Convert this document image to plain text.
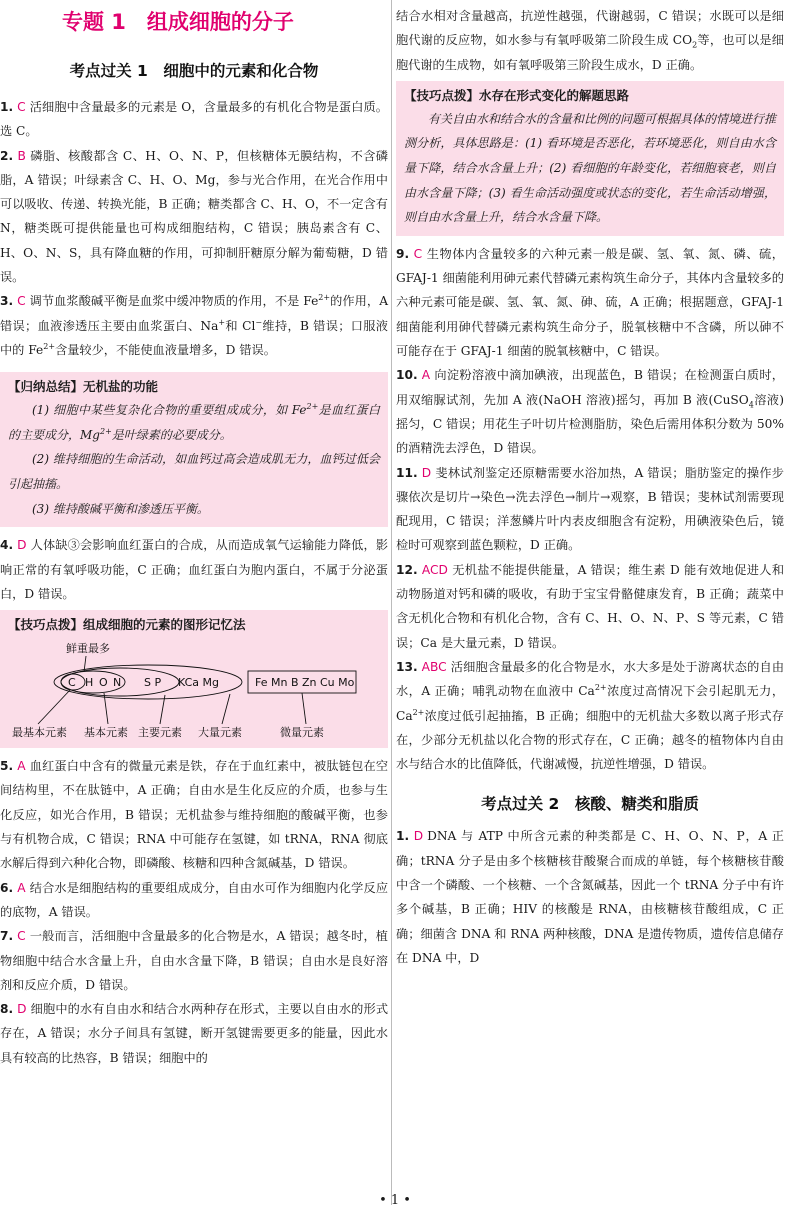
专题 1　组成细胞的分子
考点过关 1　细胞中的元素和化合物

1. C 活细胞中含量最多的元素是 O，含量最多的有机化合物是蛋白质。选 C。

2. B 磷脂、核酸都含 C、H、O、N、P，但核糖体无膜结构，不含磷脂，A 错误；叶绿素含 C、H、O、Mg，参与光合作用，在光合作用中可以吸收、传递、转换光能，B 正确；糖类都含 C、H、O，不一定含有 N，糖类既可提供能量也可构成细胞结构，C 错误；胰岛素含有 C、H、O、N、S，具有降血糖的作用，可抑制肝糖原分解为葡萄糖，D 错误。

3. C 调节血浆酸碱平衡是血浆中缓冲物质的作用，不是 $Fe^{2+}$的作用，A 错误；血液渗透压主要由血浆蛋白、Na+和 Cl−维持，B 错误；口服液中的 $Fe^{2+}$含量较少，不能使血液量增多，D 错误。

【归纳总结】无机盐的功能

(1) 细胞中某些复杂化合物的重要组成成分，如 $Fe^{2+}$是血红蛋白的主要成分，$Mg^{2+}$是叶绿素的必要成分。

(2) 维持细胞的生命活动，如血钙过高会造成肌无力，血钙过低会引起抽搐。

(3) 维持酸碱平衡和渗透压平衡。

4. D 人体缺③会影响血红蛋白的合成，从而造成氧气运输能力降低，影响正常的有氧呼吸功能，C 正确；血红蛋白为胞内蛋白，不属于分泌蛋白，D 错误。

【技巧点拨】组成细胞的元素的图形记忆法

鲜重最多
C H O N S P KCa Mg	Fe Mn B Zn Cu Mo
最基本元素 基本元素 主要元素 大量元素	微量元素

5. A 血红蛋白中含有的微量元素是铁，存在于血红素中，被肽链包在空间结构里，不在肽链中，A 正确；自由水是生化反应的介质，也参与生化反应，如光合作用，B 错误；无机盐参与维持细胞的酸碱平衡，也参与有机物合成，C 错误；RNA 中可能存在氢键，如 tRNA，RNA 彻底水解后得到六种化合物，即磷酸、核糖和四种含氮碱基，D 错误。

6. A 结合水是细胞结构的重要组成成分，自由水可作为细胞内化学反应的底物，A 错误。

7. C 一般而言，活细胞中含量最多的化合物是水，A 错误；越冬时，植物细胞中结合水含量上升，自由水含量下降，B 错误；自由水是良好溶剂和反应介质，D 错误。

8. D 细胞中的水有自由水和结合水两种存在形式，主要以自由水的形式存在，A 错误；水分子间具有氢键，断开氢键需要更多的能量，因此水具有较高的比热容，B 错误；细胞中的

结合水相对含量越高，抗逆性越强，代谢越弱，C 错误；水既可以是细胞代谢的反应物，如水参与有氧呼吸第二阶段生成 $CO_2$等，也可以是细胞代谢的生成物，如有氧呼吸第三阶段生成水，D 正确。

【技巧点拨】水存在形式变化的解题思路

有关自由水和结合水的含量和比例的问题可根据具体的情境进行推测分析，具体思路是：(1) 看环境是否恶化，若环境恶化，则自由水含量下降，结合水含量上升；(2) 看细胞的年龄变化，若细胞衰老，则自由水含量下降；(3) 看生命活动强度或状态的变化，若生命活动增强，则自由水含量上升，结合水含量下降。

9. C 生物体内含量较多的六种元素一般是碳、氢、氧、氮、磷、硫，GFAJ-1 细菌能利用砷元素代替磷元素构筑生命分子，其体内含量较多的六种元素可能是碳、氢、氧、氮、砷、硫，A 正确；根据题意，GFAJ-1 细菌能利用砷代替磷元素构筑生命分子，脱氧核糖中不含磷，所以砷不可能存在于 GFAJ-1 细菌的脱氧核糖中，C 错误。

10. A 向淀粉溶液中滴加碘液，出现蓝色，B 错误；在检测蛋白质时，用双缩脲试剂，先加 A 液(NaOH 溶液)摇匀，再加 B 液(CuSO$_4$溶液)摇匀，C 错误；用花生子叶切片检测脂肪，染色后需用体积分数为 50% 的酒精洗去浮色，D 错误。

11. D 斐林试剂鉴定还原糖需要水浴加热，A 错误；脂肪鉴定的操作步骤依次是切片→染色→洗去浮色→制片→观察，B 错误；斐林试剂需要现配现用，C 错误；洋葱鳞片叶内表皮细胞含有淀粉，用碘液染色后，镜检时可观察到蓝色颗粒，D 正确。

12. ACD 无机盐不能提供能量，A 错误；维生素 D 能有效地促进人和动物肠道对钙和磷的吸收，有助于宝宝骨骼健康发育，B 正确；蔬菜中含无机化合物和有机化合物，含有 C、H、O、N、P、S 等元素，C 错误；Ca 是大量元素，D 错误。

13. ABC 活细胞含量最多的化合物是水，水大多是处于游离状态的自由水，A 正确；哺乳动物在血液中 $Ca^{2+}$浓度过高情况下会引起肌无力，$Ca^{2+}$浓度过低引起抽搐，B 正确；细胞中的无机盐大多数以离子形式存在，少部分无机盐以化合物的形式存在，C 正确；越冬的植物体内自由水与结合水的比值降低，代谢减慢，抗逆性增强，D 错误。

考点过关 2　核酸、糖类和脂质

1. D DNA 与 ATP 中所含元素的种类都是 C、H、O、N、P，A 正确；tRNA 分子是由多个核糖核苷酸聚合而成的单链，每个核糖核苷酸中含一个磷酸、一个核糖、一个含氮碱基，因此一个 tRNA 分子中有许多个碱基，B 正确；HIV 的核酸是 RNA，由核糖核苷酸组成，C 正确；细菌含 DNA 和 RNA 两种核酸，DNA 是遗传物质，遗传信息储存在 DNA 中，D

• 1 •
